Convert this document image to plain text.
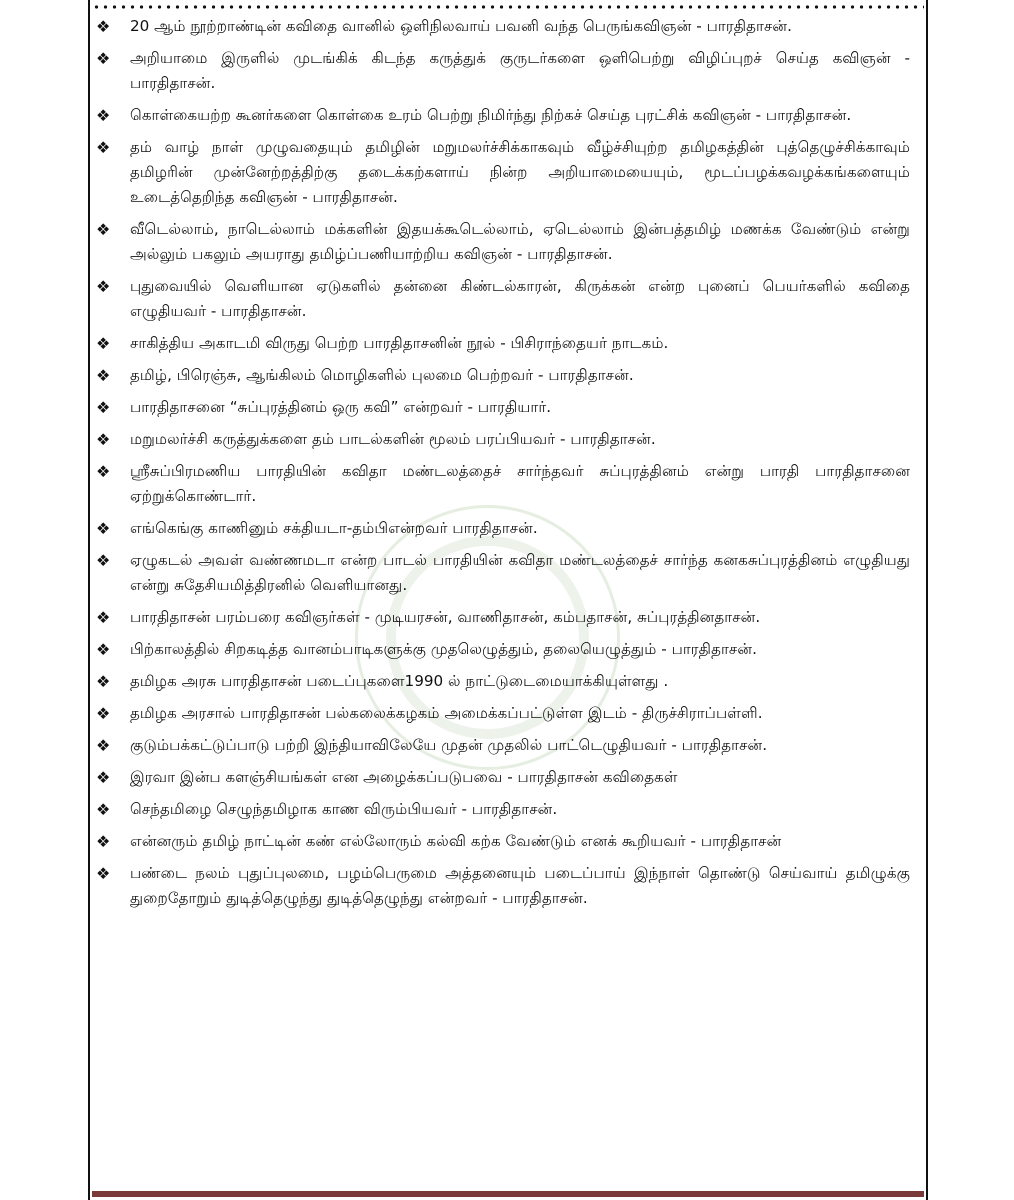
❖ 20 ஆம் நூற்றாண்டின் கவிதை வானில் ஒளிநிலவாய் பவனி வந்த பெருங்கவிஞன் - பாரதிதாசன்.
❖ அறியாமை இருளில் முடங்கிக் கிடந்த கருத்துக் குருடர்களை ஒளிபெற்று விழிப்புறச் செய்த கவிஞன் - பாரதிதாசன்.
❖ கொள்கையற்ற கூனர்களை கொள்கை உரம் பெற்று நிமிர்ந்து நிற்கச் செய்த புரட்சிக் கவிஞன் - பாரதிதாசன்.
❖ தம் வாழ் நாள் முழுவதையும் தமிழின் மறுமலர்ச்சிக்காகவும் வீழ்ச்சியுற்ற தமிழகத்தின் புத்தெழுச்சிக்காவும் தமிழரின் முன்னேற்றத்திற்கு தடைக்கற்களாய் நின்ற அறியாமையையும், மூடப்பழக்கவழக்கங்களையும் உடைத்தெறிந்த கவிஞன் - பாரதிதாசன்.
❖ வீடெல்லாம், நாடெல்லாம் மக்களின் இதயக்கூடெல்லாம், ஏடெல்லாம் இன்பத்தமிழ் மணக்க வேண்டும் என்று அல்லும் பகலும் அயராது தமிழ்ப்பணியாற்றிய கவிஞன் - பாரதிதாசன்.
❖ புதுவையில் வெளியான ஏடுகளில் தன்னை கிண்டல்காரன், கிருக்கன் என்ற புனைப் பெயர்களில் கவிதை எழுதியவர் - பாரதிதாசன்.
❖ சாகித்திய அகாடமி விருது பெற்ற பாரதிதாசனின் நூல் - பிசிராந்தையர் நாடகம்.
❖ தமிழ், பிரெஞ்சு, ஆங்கிலம் மொழிகளில் புலமை பெற்றவர் - பாரதிதாசன்.
❖ பாரதிதாசனை “சுப்புரத்தினம் ஒரு கவி” என்றவர் - பாரதியார்.
❖ மறுமலர்ச்சி கருத்துக்களை தம் பாடல்களின் மூலம் பரப்பியவர் - பாரதிதாசன்.
❖ ஸ்ரீசுப்பிரமணிய பாரதியின் கவிதா மண்டலத்தைச் சார்ந்தவர் சுப்புரத்தினம் என்று பாரதி பாரதிதாசனை ஏற்றுக்கொண்டார்.
❖ எங்கெங்கு காணினும் சக்தியடா-தம்பிஎன்றவர் பாரதிதாசன்.
❖ ஏழுகடல் அவள் வண்ணமடா என்ற பாடல் பாரதியின் கவிதா மண்டலத்தைச் சார்ந்த கனகசுப்புரத்தினம் எழுதியது என்று சுதேசியமித்திரனில் வெளியானது.
❖ பாரதிதாசன் பரம்பரை கவிஞர்கள் - முடியரசன், வாணிதாசன், கம்பதாசன், சுப்புரத்தினதாசன்.
❖ பிற்காலத்தில் சிறகடித்த வானம்பாடிகளுக்கு முதலெழுத்தும், தலையெழுத்தும் - பாரதிதாசன்.
❖ தமிழக அரசு பாரதிதாசன் படைப்புகளை1990 ல் நாட்டுடைமையாக்கியுள்ளது .
❖ தமிழக அரசால் பாரதிதாசன் பல்கலைக்கழகம் அமைக்கப்பட்டுள்ள இடம் - திருச்சிராப்பள்ளி.
❖ குடும்பக்கட்டுப்பாடு பற்றி இந்தியாவிலேயே முதன் முதலில் பாட்டெழுதியவர் - பாரதிதாசன்.
❖ இரவா இன்ப களஞ்சியங்கள் என அழைக்கப்படுபவை - பாரதிதாசன் கவிதைகள்
❖ செந்தமிழை செழுந்தமிழாக காண விரும்பியவர் - பாரதிதாசன்.
❖ என்னரும் தமிழ் நாட்டின் கண் எல்லோரும் கல்வி கற்க வேண்டும் எனக் கூறியவர் - பாரதிதாசன்
❖ பண்டை நலம் புதுப்புலமை, பழம்பெருமை அத்தனையும் படைப்பாய் இந்நாள் தொண்டு செய்வாய் தமிழுக்கு துறைதோறும் துடித்தெழுந்து துடித்தெழுந்து என்றவர் - பாரதிதாசன்.
